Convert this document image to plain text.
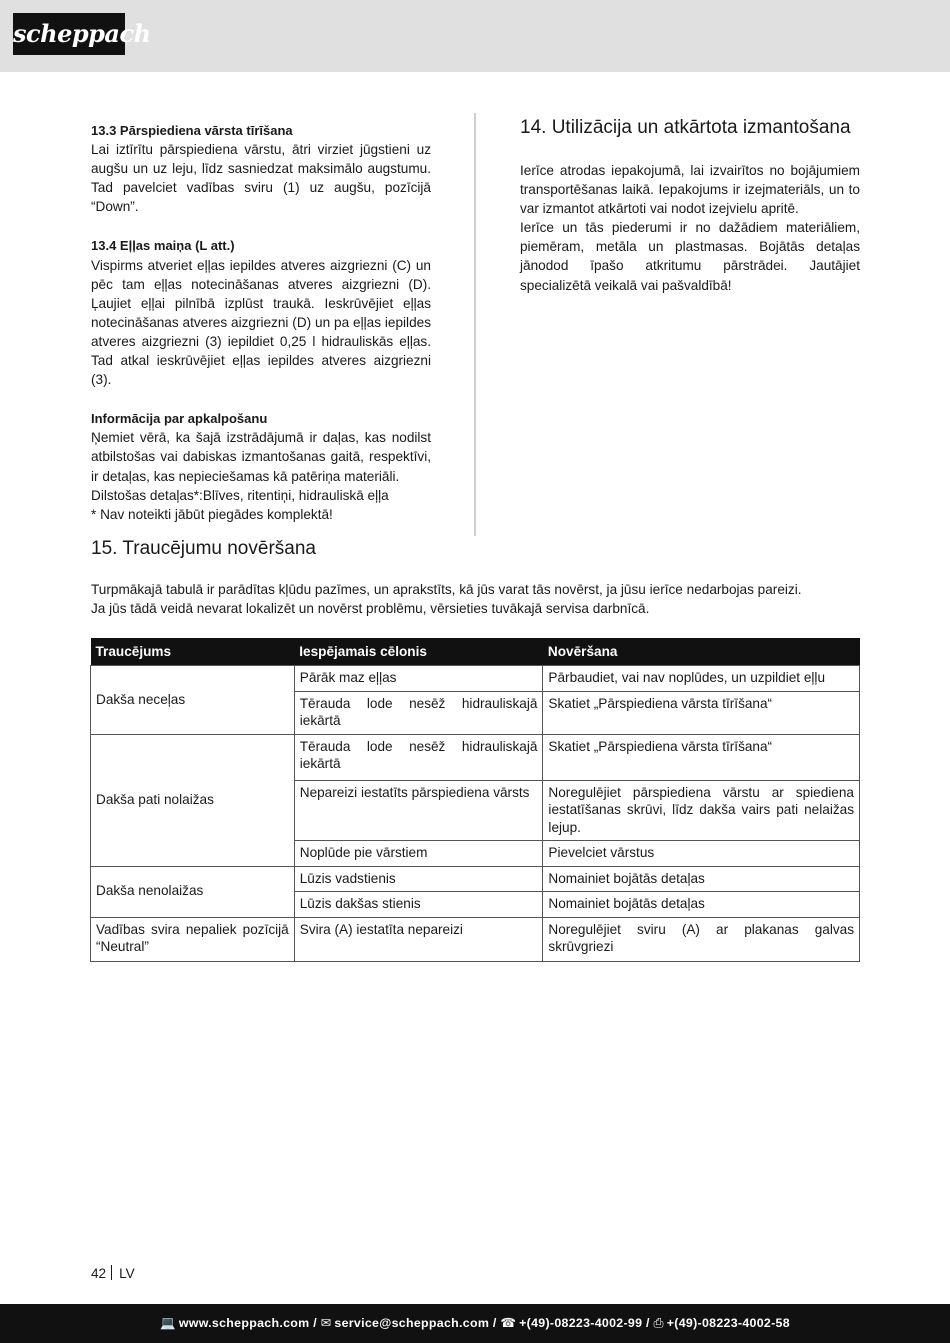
scheppach

13.3 Pārspiediena vārsta tīrīšana

Lai iztīrītu pārspiediena vārstu, ātri virziet jūgstieni uz augšu un uz leju, līdz sasniedzat maksimālo augstumu. Tad pavelciet vadības sviru (1) uz augšu, pozīcijā “Down”.

13.4 Eļļas maiņa (L att.)

Vispirms atveriet eļļas iepildes atveres aizgriezni (C) un pēc tam eļļas notecināšanas atveres aizgriezni (D). Ļaujiet eļļai pilnībā izplūst traukā. Ieskrūvējiet eļļas notecināšanas atveres aizgriezni (D) un pa eļļas iepildes atveres aizgriezni (3) iepildiet 0,25 l hidrauliskās eļļas. Tad atkal ieskrūvējiet eļļas iepildes atveres aizgriezni (3).

Informācija par apkalpošanu

Ņemiet vērā, ka šajā izstrādājumā ir daļas, kas nodilst atbilstošas vai dabiskas izmantošanas gaitā, respektīvi, ir detaļas, kas nepieciešamas kā patēriņa materiāli.

Dilstošas detaļas*:Blīves, ritentiņi, hidrauliskā eļļa

* Nav noteikti jābūt piegādes komplektā!

14. Utilizācija un atkārtota izmantošana

Ierīce atrodas iepakojumā, lai izvairītos no bojājumiem transportēšanas laikā. Iepakojums ir izejmateriāls, un to var izmantot atkārtoti vai nodot izejvielu apritē.

Ierīce un tās piederumi ir no dažādiem materiāliem, piemēram, metāla un plastmasas. Bojātās detaļas jānodod īpašo atkritumu pārstrādei. Jautājiet specializētā veikalā vai pašvaldībā!

15. Traucējumu novēršana

Turpmākajā tabulā ir parādītas kļūdu pazīmes, un aprakstīts, kā jūs varat tās novērst, ja jūsu ierīce nedarbojas pareizi.

Ja jūs tādā veidā nevarat lokalizēt un novērst problēmu, vērsieties tuvākajā servisa darbnīcā.

Traucējums	Iespējamais cēlonis	Novēršana
Dakša neceļas	Pārāk maz eļļas	Pārbaudiet, vai nav noplūdes, un uzpildiet eļļu
	Tērauda lode nesēž hidrauliskajā iekārtā	Skatiet „Pārspiediena vārsta tīrīšana“
Dakša pati nolaižas	Tērauda lode nesēž hidrauliskajā iekārtā	Skatiet „Pārspiediena vārsta tīrīšana“
	Nepareizi iestatīts pārspiediena vārsts	Noregulējiet pārspiediena vārstu ar spiediena iestatīšanas skrūvi, līdz dakša vairs pati nelaižas lejup.
	Noplūde pie vārstiem	Pievelciet vārstus
Dakša nenolaižas	Lūzis vadstienis	Nomainiet bojātās detaļas
	Lūzis dakšas stienis	Nomainiet bojātās detaļas
Vadības svira nepaliek pozīcijā “Neutral”	Svira (A) iestatīta nepareizi	Noregulējiet sviru (A) ar plakanas galvas skrūvgriezi
42 LV
💻 www.scheppach.com / ✉ service@scheppach.com / ☎ +(49)-08223-4002-99 / ⎙ +(49)-08223-4002-58
